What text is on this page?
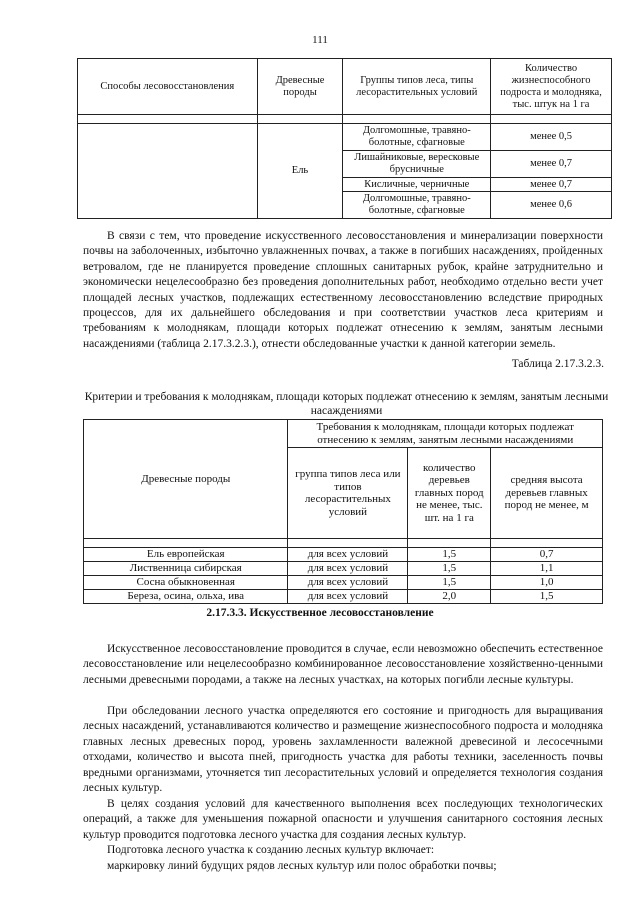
111
Способы лесовосстановления	Древесные породы	Группы типов леса, типы лесорастительных условий	Количество жизнеспособного подроста и молодняка, тыс. штук на 1 га

	Ель	Долгомошные, травяно-болотные, сфагновые	менее 0,5
		Лишайниковые, вересковые брусничные	менее 0,7
		Кисличные, черничные	менее 0,7
		Долгомошные, травяно-болотные, сфагновые	менее 0,6

В связи с тем, что проведение искусственного лесовосстановления и минерализации поверхности почвы на заболоченных, избыточно увлажненных почвах, а также в погибших насаждениях, пройденных ветровалом, где не планируется проведение сплошных санитарных рубок, крайне затруднительно и экономически нецелесообразно без проведения дополнительных работ, необходимо отдельно вести учет площадей лесных участков, подлежащих естественному лесовосстановлению вследствие природных процессов, для их дальнейшего обследования и при соответствии участков леса критериям и требованиям к молоднякам, площади которых подлежат отнесению к землям, занятым лесными насаждениями (таблица 2.17.3.2.3.), отнести обследованные участки к данной категории земель.

Таблица 2.17.3.2.3.

Критерии и требования к молоднякам, площади которых подлежат отнесению к землям, занятым лесными насаждениями

Древесные породы	Требования к молоднякам, площади которых подлежат отнесению к землям, занятым лесными насаждениями		
	группа типов леса или типов лесорастительных условий	количество деревьев главных пород не менее, тыс. шт. на 1 га	средняя высота деревьев главных пород не менее, м

Ель европейская	для всех условий	1,5	0,7
Лиственница сибирская	для всех условий	1,5	1,1
Сосна обыкновенная	для всех условий	1,5	1,0
Береза, осина, ольха, ива	для всех условий	2,0	1,5
2.17.3.3. Искусственное лесовосстановление

Искусственное лесовосстановление проводится в случае, если невозможно обеспечить естественное лесовосстановление или нецелесообразно комбинированное лесовосстановление хозяйственно-ценными лесными древесными породами, а также на лесных участках, на которых погибли лесные культуры.

При обследовании лесного участка определяются его состояние и пригодность для выращивания лесных насаждений, устанавливаются количество и размещение жизнеспособного подроста и молодняка главных лесных древесных пород, уровень захламленности валежной древесиной и лесосечными отходами, количество и высота пней, пригодность участка для работы техники, заселенность почвы вредными организмами, уточняется тип лесорастительных условий и определяется технология создания лесных культур.

В целях создания условий для качественного выполнения всех последующих технологических операций, а также для уменьшения пожарной опасности и улучшения санитарного состояния лесных культур проводится подготовка лесного участка для создания лесных культур.

Подготовка лесного участка к созданию лесных культур включает:

маркировку линий будущих рядов лесных культур или полос обработки почвы;
